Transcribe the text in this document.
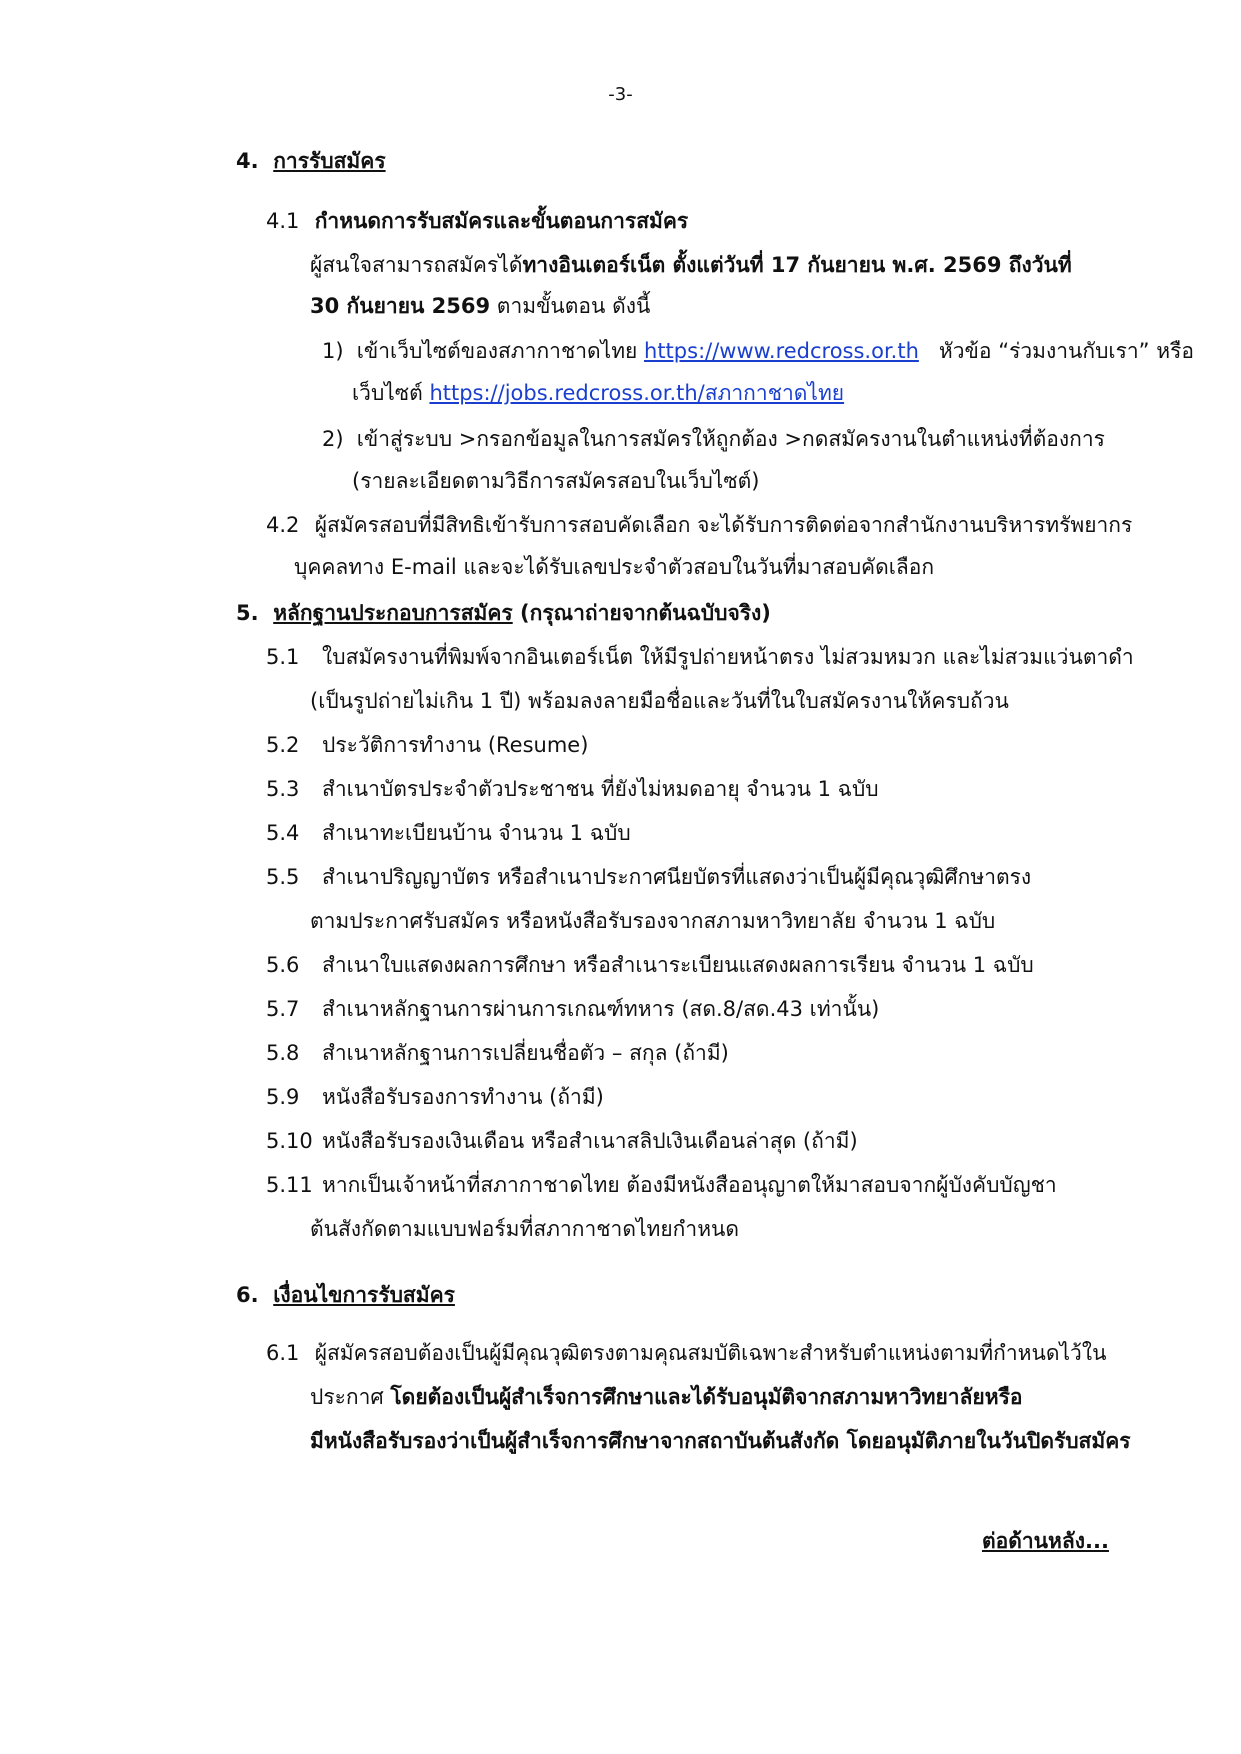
-3-
4. การรับสมัคร
4.1 กำหนดการรับสมัครและขั้นตอนการสมัคร
ผู้สนใจสามารถสมัครได้ทางอินเตอร์เน็ต ตั้งแต่วันที่ 17 กันยายน พ.ศ. 2569 ถึงวันที่
30 กันยายน 2569 ตามขั้นตอน ดังนี้
1) เข้าเว็บไซต์ของสภากาชาดไทย https://www.redcross.or.th   หัวข้อ “ร่วมงานกับเรา” หรือ
เว็บไซต์ https://jobs.redcross.or.th/สภากาชาดไทย
2) เข้าสู่ระบบ >กรอกข้อมูลในการสมัครให้ถูกต้อง >กดสมัครงานในตำแหน่งที่ต้องการ
(รายละเอียดตามวิธีการสมัครสอบในเว็บไซต์)
4.2 ผู้สมัครสอบที่มีสิทธิเข้ารับการสอบคัดเลือก จะได้รับการติดต่อจากสำนักงานบริหารทรัพยากร
บุคคลทาง E-mail และจะได้รับเลขประจำตัวสอบในวันที่มาสอบคัดเลือก
5. หลักฐานประกอบการสมัคร (กรุณาถ่ายจากต้นฉบับจริง)
5.1 ใบสมัครงานที่พิมพ์จากอินเตอร์เน็ต ให้มีรูปถ่ายหน้าตรง ไม่สวมหมวก และไม่สวมแว่นตาดำ
(เป็นรูปถ่ายไม่เกิน 1 ปี) พร้อมลงลายมือชื่อและวันที่ในใบสมัครงานให้ครบถ้วน
5.2 ประวัติการทำงาน (Resume)
5.3 สำเนาบัตรประจำตัวประชาชน ที่ยังไม่หมดอายุ จำนวน 1 ฉบับ
5.4 สำเนาทะเบียนบ้าน จำนวน 1 ฉบับ
5.5 สำเนาปริญญาบัตร หรือสำเนาประกาศนียบัตรที่แสดงว่าเป็นผู้มีคุณวุฒิศึกษาตรง
ตามประกาศรับสมัคร หรือหนังสือรับรองจากสภามหาวิทยาลัย จำนวน 1 ฉบับ
5.6 สำเนาใบแสดงผลการศึกษา หรือสำเนาระเบียนแสดงผลการเรียน จำนวน 1 ฉบับ
5.7 สำเนาหลักฐานการผ่านการเกณฑ์ทหาร (สด.8/สด.43 เท่านั้น)
5.8 สำเนาหลักฐานการเปลี่ยนชื่อตัว – สกุล (ถ้ามี)
5.9 หนังสือรับรองการทำงาน (ถ้ามี)
5.10 หนังสือรับรองเงินเดือน หรือสำเนาสลิปเงินเดือนล่าสุด (ถ้ามี)
5.11 หากเป็นเจ้าหน้าที่สภากาชาดไทย ต้องมีหนังสืออนุญาตให้มาสอบจากผู้บังคับบัญชา
ต้นสังกัดตามแบบฟอร์มที่สภากาชาดไทยกำหนด
6. เงื่อนไขการรับสมัคร
6.1 ผู้สมัครสอบต้องเป็นผู้มีคุณวุฒิตรงตามคุณสมบัติเฉพาะสำหรับตำแหน่งตามที่กำหนดไว้ใน
ประกาศ โดยต้องเป็นผู้สำเร็จการศึกษาและได้รับอนุมัติจากสภามหาวิทยาลัยหรือ
มีหนังสือรับรองว่าเป็นผู้สำเร็จการศึกษาจากสถาบันต้นสังกัด โดยอนุมัติภายในวันปิดรับสมัคร
ต่อด้านหลัง...
